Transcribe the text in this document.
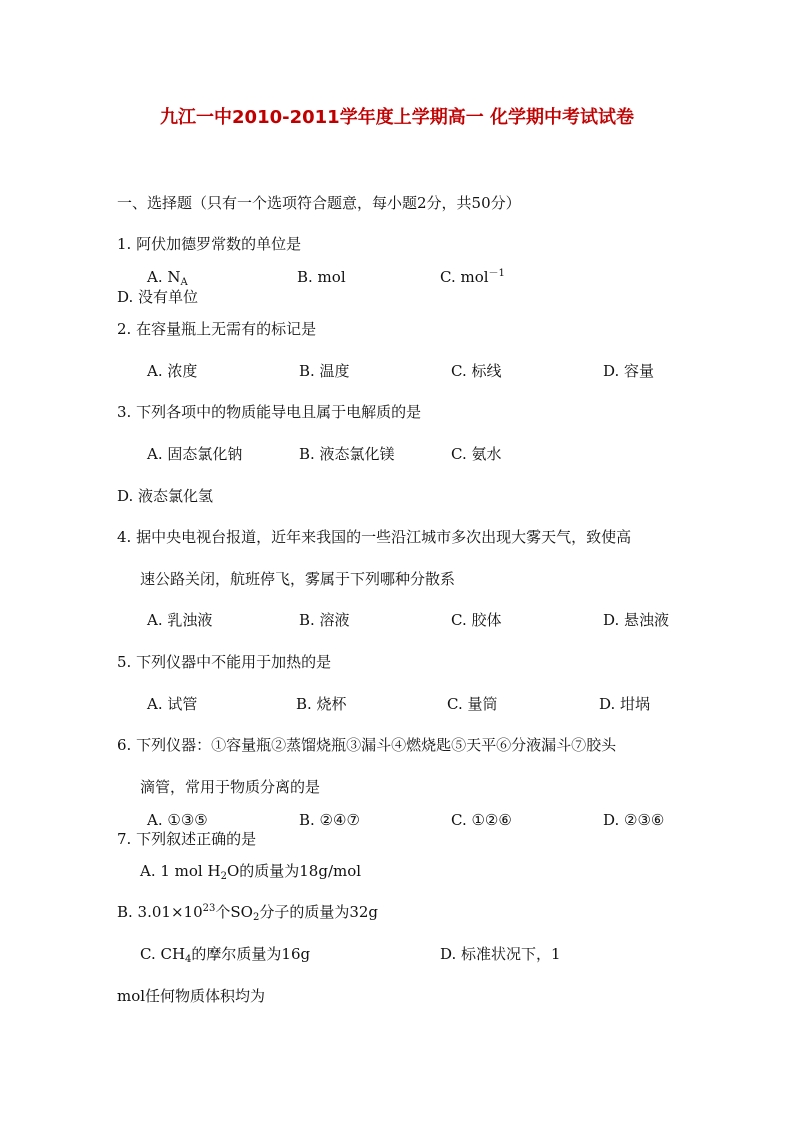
九江一中2010-2011学年度上学期高一 化学期中考试试卷
一、选择题（只有一个选项符合题意，每小题2分，共50分）
1. 阿伏加德罗常数的单位是
A. $N_A$	B. mol	C. mol$^{-1}$
D. 没有单位
2. 在容量瓶上无需有的标记是
A. 浓度	B. 温度	C. 标线	D. 容量
3. 下列各项中的物质能导电且属于电解质的是
A. 固态氯化钠	B. 液态氯化镁	C. 氨水
D. 液态氯化氢
4. 据中央电视台报道，近年来我国的一些沿江城市多次出现大雾天气，致使高
速公路关闭，航班停飞，雾属于下列哪种分散系
A. 乳浊液	B. 溶液	C. 胶体	D. 悬浊液
5. 下列仪器中不能用于加热的是
A. 试管	B. 烧杯	C. 量筒	D. 坩埚
6. 下列仪器：①容量瓶②蒸馏烧瓶③漏斗④燃烧匙⑤天平⑥分液漏斗⑦胶头
滴管，常用于物质分离的是
A. ①③⑤	B. ②④⑦	C. ①②⑥	D. ②③⑥
7. 下列叙述正确的是
A. 1 mol $H_2O$的质量为18g/mol
B. $3.01\times 10^{23}$个$SO_2$分子的质量为32g
C. $CH_4$的摩尔质量为16g	D. 标准状况下，1
mol任何物质体积均为
